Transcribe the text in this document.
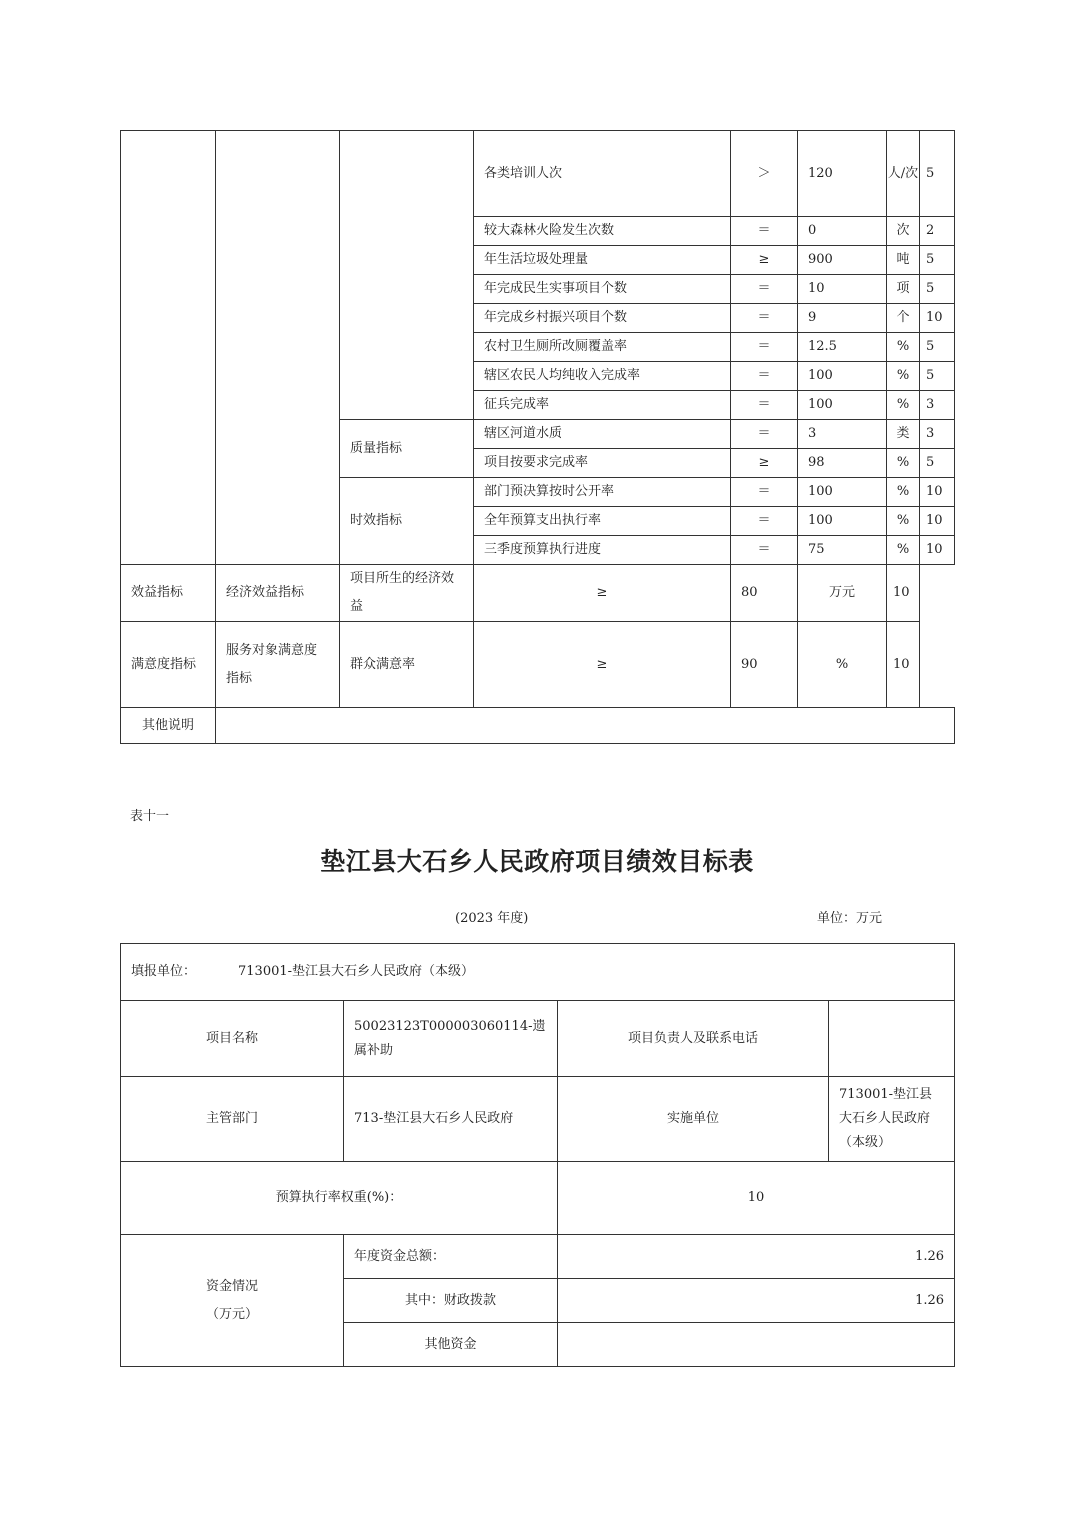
			各类培训人次	＞	120	人/次	5
			较大森林火险发生次数	＝	0	次	2
			年生活垃圾处理量	≥	900	吨	5
			年完成民生实事项目个数	＝	10	项	5
			年完成乡村振兴项目个数	＝	9	个	10
			农村卫生厕所改厕覆盖率	＝	12.5	%	5
			辖区农民人均纯收入完成率	＝	100	%	5
			征兵完成率	＝	100	%	3
		质量指标	辖区河道水质	＝	3	类	3
			项目按要求完成率	≥	98	%	5
		时效指标	部门预决算按时公开率	＝	100	%	10
			全年预算支出执行率	＝	100	%	10
			三季度预算执行进度	＝	75	%	10
效益指标	经济效益指标	项目所生的经济效益	≥	80	万元	10	
满意度指标	服务对象满意度指标	群众满意率	≥	90	%	10	
其他说明							
表十一
垫江县大石乡人民政府项目绩效目标表
(2023 年度)	单位：万元
填报单位： 713001-垫江县大石乡人民政府（本级）			
项目名称	50023123T000003060114-遗属补助	项目负责人及联系电话	
主管部门	713-垫江县大石乡人民政府	实施单位	713001-垫江县大石乡人民政府（本级）
预算执行率权重(%)：		10	
资金情况
（万元）	年度资金总额：	1.26	
	其中：财政拨款	1.26	
	其他资金		
